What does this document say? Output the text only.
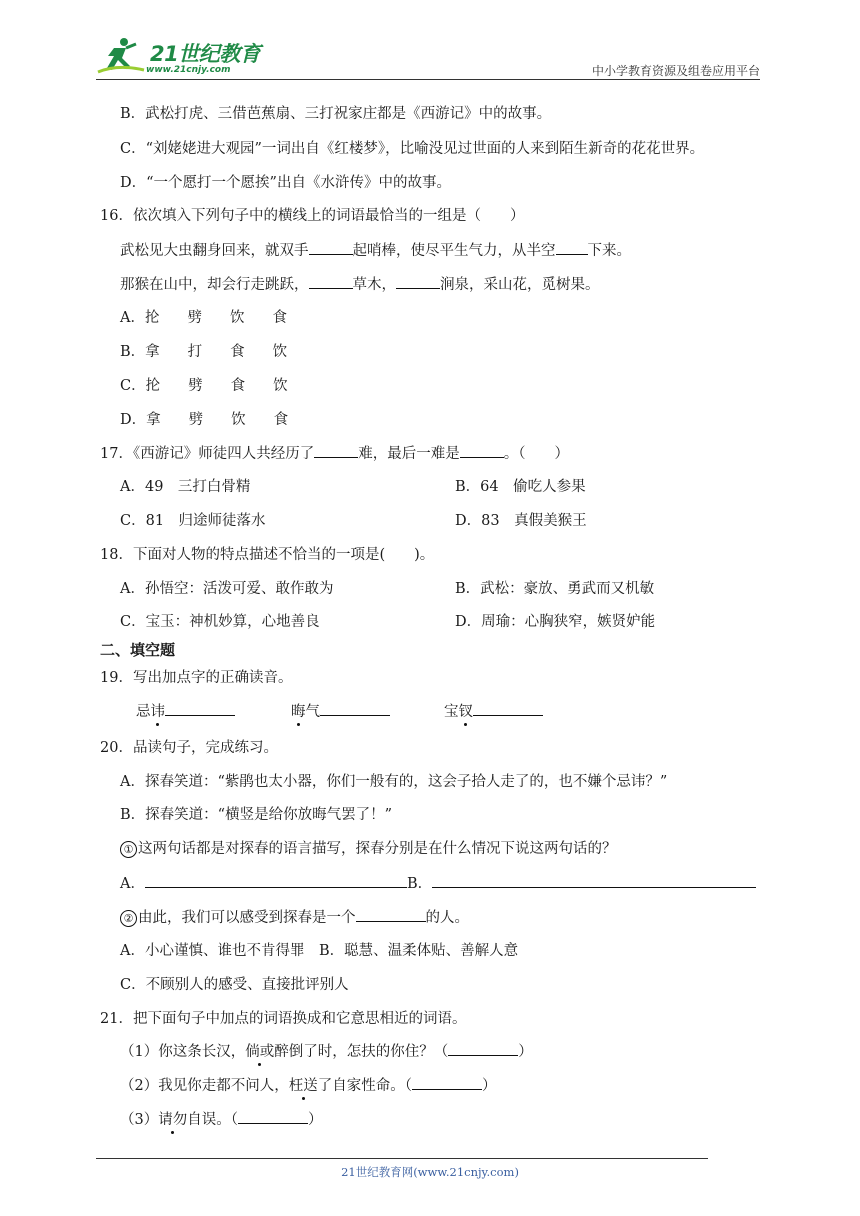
21世纪教育
www.21cnjy.com	中小学教育资源及组卷应用平台
B．武松打虎、三借芭蕉扇、三打祝家庄都是《西游记》中的故事。
C．“刘姥姥进大观园”一词出自《红楼梦》，比喻没见过世面的人来到陌生新奇的花花世界。
D．“一个愿打一个愿挨”出自《水浒传》中的故事。
16．依次填入下列句子中的横线上的词语最恰当的一组是（　　）
武松见大虫翻身回来，就双手	起哨棒，使尽平生气力，从半空 下来。
那猴在山中，却会行走跳跃，	草木，	涧泉，采山花，觅树果。
A．抡 劈 饮 食
B．拿 打 食 饮
C．抡 劈 食 饮
D．拿 劈 饮 食
17．《西游记》师徒四人共经历了	难，最后一难是	。（　　）
A．49　三打白骨精	B．64　偷吃人参果
C．81　归途师徒落水	D．83　真假美猴王
18．下面对人物的特点描述不恰当的一项是(　　)。
A．孙悟空：活泼可爱、敢作敢为	B．武松：豪放、勇武而又机敏
C．宝玉：神机妙算，心地善良	D．周瑜：心胸狭窄，嫉贤妒能
二、填空题
19．写出加点字的正确读音。
忌讳	晦气	宝钗
20．品读句子，完成练习。
A．探春笑道：“紫鹃也太小器，你们一般有的，这会子拾人走了的，也不嫌个忌讳？”
B．探春笑道：“横竖是给你放晦气罢了！”
① 这两句话都是对探春的语言描写，探春分别是在什么情况下说这两句话的？
A．	B．
② 由此，我们可以感受到探春是一个	的人。
A．小心谨慎、谁也不肯得罪　B．聪慧、温柔体贴、善解人意
C．不顾别人的感受、直接批评别人
21．把下面句子中加点的词语换成和它意思相近的词语。
（1）你这条长汉，倘或醉倒了时，怎扶的你住？（	）
（2）我见你走都不问人，枉送了自家性命。（	）
（3）请勿自误。（	）
21世纪教育网(www.21cnjy.com)
